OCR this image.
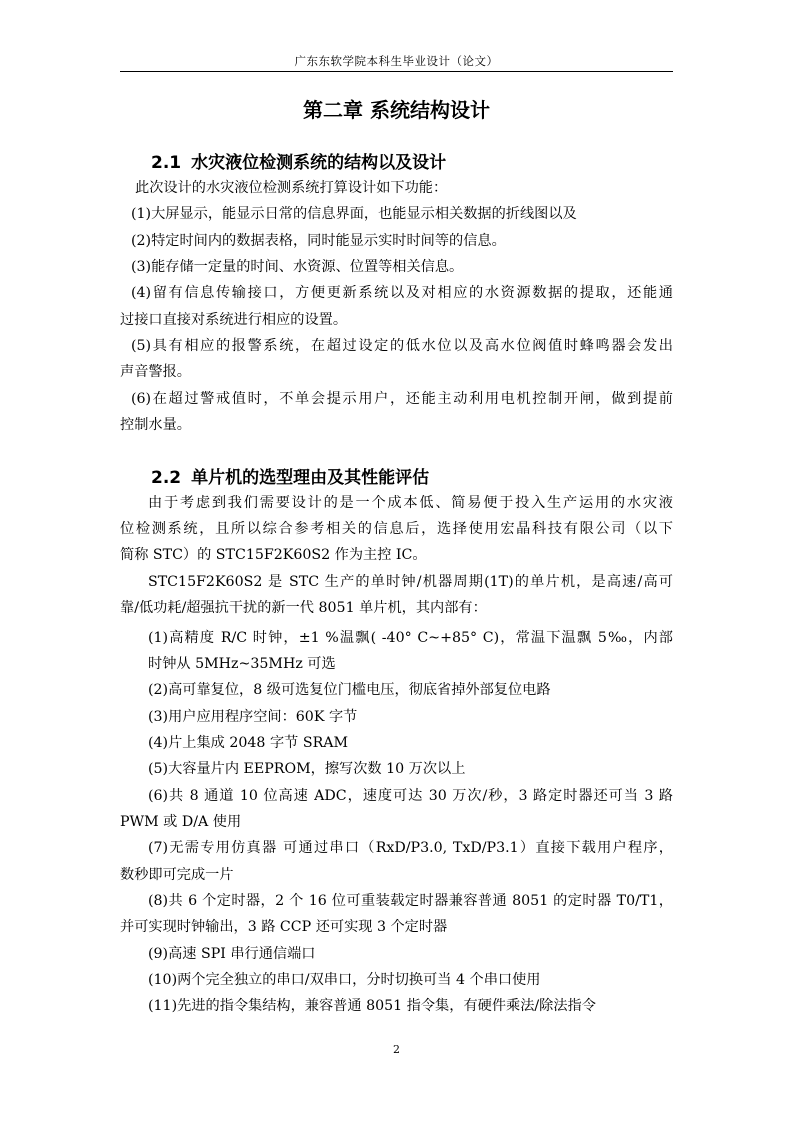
广东东软学院本科生毕业设计（论文）
第二章 系统结构设计
2.1 水灾液位检测系统的结构以及设计
此次设计的水灾液位检测系统打算设计如下功能：
(1)大屏显示，能显示日常的信息界面，也能显示相关数据的折线图以及
(2)特定时间内的数据表格，同时能显示实时时间等的信息。
(3)能存储一定量的时间、水资源、位置等相关信息。
(4)留有信息传输接口，方便更新系统以及对相应的水资源数据的提取，还能通
过接口直接对系统进行相应的设置。
(5)具有相应的报警系统，在超过设定的低水位以及高水位阀值时蜂鸣器会发出
声音警报。
(6)在超过警戒值时，不单会提示用户，还能主动利用电机控制开闸，做到提前
控制水量。
2.2 单片机的选型理由及其性能评估
由于考虑到我们需要设计的是一个成本低、简易便于投入生产运用的水灾液
位检测系统，且所以综合参考相关的信息后，选择使用宏晶科技有限公司（以下
简称 STC）的 STC15F2K60S2 作为主控 IC。
STC15F2K60S2 是 STC 生产的单时钟/机器周期(1T)的单片机，是高速/高可
靠/低功耗/超强抗干扰的新一代 8051 单片机，其内部有：
(1)高精度 R/C 时钟，±1 %温飘( -40° C~+85° C)，常温下温飘 5‰，内部
时钟从 5MHz~35MHz 可选
(2)高可靠复位，8 级可选复位门槛电压，彻底省掉外部复位电路
(3)用户应用程序空间：60K 字节
(4)片上集成 2048 字节 SRAM
(5)大容量片内 EEPROM，擦写次数 10 万次以上
(6)共 8 通道 10 位高速 ADC，速度可达 30 万次/秒，3 路定时器还可当 3 路
PWM 或 D/A 使用
(7)无需专用仿真器 可通过串口（RxD/P3.0, TxD/P3.1）直接下载用户程序，
数秒即可完成一片
(8)共 6 个定时器，2 个 16 位可重装载定时器兼容普通 8051 的定时器 T0/T1，
并可实现时钟输出，3 路 CCP 还可实现 3 个定时器
(9)高速 SPI 串行通信端口
(10)两个完全独立的串口/双串口，分时切换可当 4 个串口使用
(11)先进的指令集结构，兼容普通 8051 指令集，有硬件乘法/除法指令
2
